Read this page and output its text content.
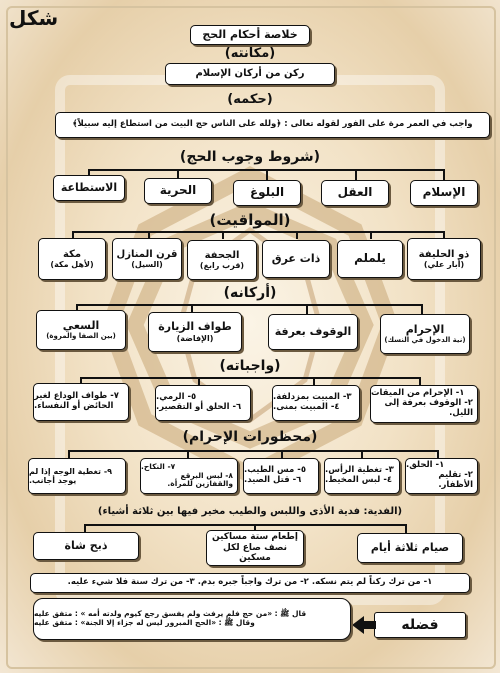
شكل
خلاصة أحكام الحج
(مكانته)
ركن من أركان الإسلام
(حكمه)
واجب في العمر مرة على الفور لقوله تعالى : ﴿ولله على الناس حج البيت من استطاع إليه سبيلاً﴾
(شروط وجوب الحج)
الإسلام
العقل
البلوغ
الحرية
الاستطاعة
(المواقيت)
ذو الحليفة
(أبار علي)
يلملم
ذات عرق
الجحفة
(قرب رابغ)
قرن المنازل
(السيل)
مكة
(لأهل مكة)
(أركانه)
الإحرام
(نية الدخول في النسك)
الوقوف بعرفة
طواف الزيارة
(الإفاضة)
السعي
(بين الصفا والمروة)
(واجباته)
١- الإحرام من الميقات
٢- الوقوف بعرفة إلى الليل.
٣- المبيت بمزدلفة.
٤- المبيت بمنى.
٥- الرمي.
٦- الحلق أو التقصير.
٧- طواف الوداع لغير
الحائض أو النفساء.
(محظورات الإحرام)
١- الحلق.
٢- تقليم الأظفار.
٣- تغطية الرأس.
٤- لبس المخيط.
٥- مس الطيب.
٦- قتل الصيد.
٧- النكاح.
٨- لبس البرقع والقفازين للمرأة.
٩- تغطية الوجه إذا لم
يوجد أجانب.
(الفدية: فدية الأذى واللبس والطيب مخير فيها بين ثلاثة أشياء)
صيام ثلاثة أيام
إطعام ستة مساكين
نصف صاع لكل مسكين
ذبح شاة
١- من ترك ركناً لم يتم نسكه. ٢- من ترك واجباً جبره بدم. ٣- من ترك سنة فلا شيء عليه.
فضله
قال ﷺ : «من حج فلم يرفث ولم يفسق رجع كيوم ولدته أمه » : متفق عليه
وقال ﷺ : «الحج المبرور ليس له جزاء إلا الجنة» : متفق عليه
